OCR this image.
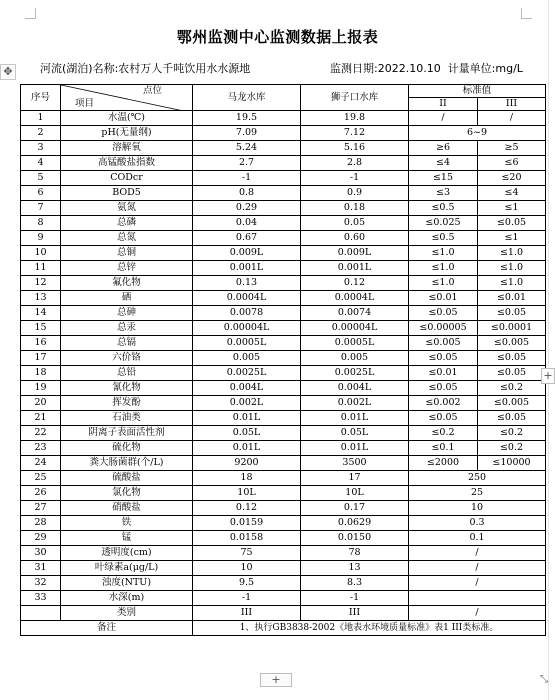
✥
鄂州监测中心监测数据上报表
河流(湖泊)名称:农村万人千吨饮用水水源地	监测日期:2022.10.10 计量单位:mg/L
序号	点位
项目	马龙水库	狮子口水库	标准值	
				II	III
1	水温(℃)	19.5	19.8	/	/
2	pH(无量纲)	7.09	7.12	6~9	
3	溶解氧	5.24	5.16	≥6	≥5
4	高锰酸盐指数	2.7	2.8	≤4	≤6
5	CODcr	-1	-1	≤15	≤20
6	BOD5	0.8	0.9	≤3	≤4
7	氨氮	0.29	0.18	≤0.5	≤1
8	总磷	0.04	0.05	≤0.025	≤0.05
9	总氮	0.67	0.60	≤0.5	≤1
10	总铜	0.009L	0.009L	≤1.0	≤1.0
11	总锌	0.001L	0.001L	≤1.0	≤1.0
12	氟化物	0.13	0.12	≤1.0	≤1.0
13	硒	0.0004L	0.0004L	≤0.01	≤0.01
14	总砷	0.0078	0.0074	≤0.05	≤0.05
15	总汞	0.00004L	0.00004L	≤0.00005	≤0.0001
16	总镉	0.0005L	0.0005L	≤0.005	≤0.005
17	六价铬	0.005	0.005	≤0.05	≤0.05
18	总铅	0.0025L	0.0025L	≤0.01	≤0.05
19	氰化物	0.004L	0.004L	≤0.05	≤0.2
20	挥发酚	0.002L	0.002L	≤0.002	≤0.005
21	石油类	0.01L	0.01L	≤0.05	≤0.05
22	阴离子表面活性剂	0.05L	0.05L	≤0.2	≤0.2
23	硫化物	0.01L	0.01L	≤0.1	≤0.2
24	粪大肠菌群(个/L)	9200	3500	≤2000	≤10000
25	硫酸盐	18	17	250	
26	氯化物	10L	10L	25	
27	硝酸盐	0.12	0.17	10	
28	铁	0.0159	0.0629	0.3	
29	锰	0.0158	0.0150	0.1	
30	透明度(cm)	75	78	/	
31	叶绿素a(μg/L)	10	13	/	
32	浊度(NTU)	9.5	8.3	/	
33	水深(m)	-1	-1		
	类别	III	III	/	
备注		1、执行GB3838-2002《地表水环境质量标准》表1 III类标准。			
+
+	⤡
